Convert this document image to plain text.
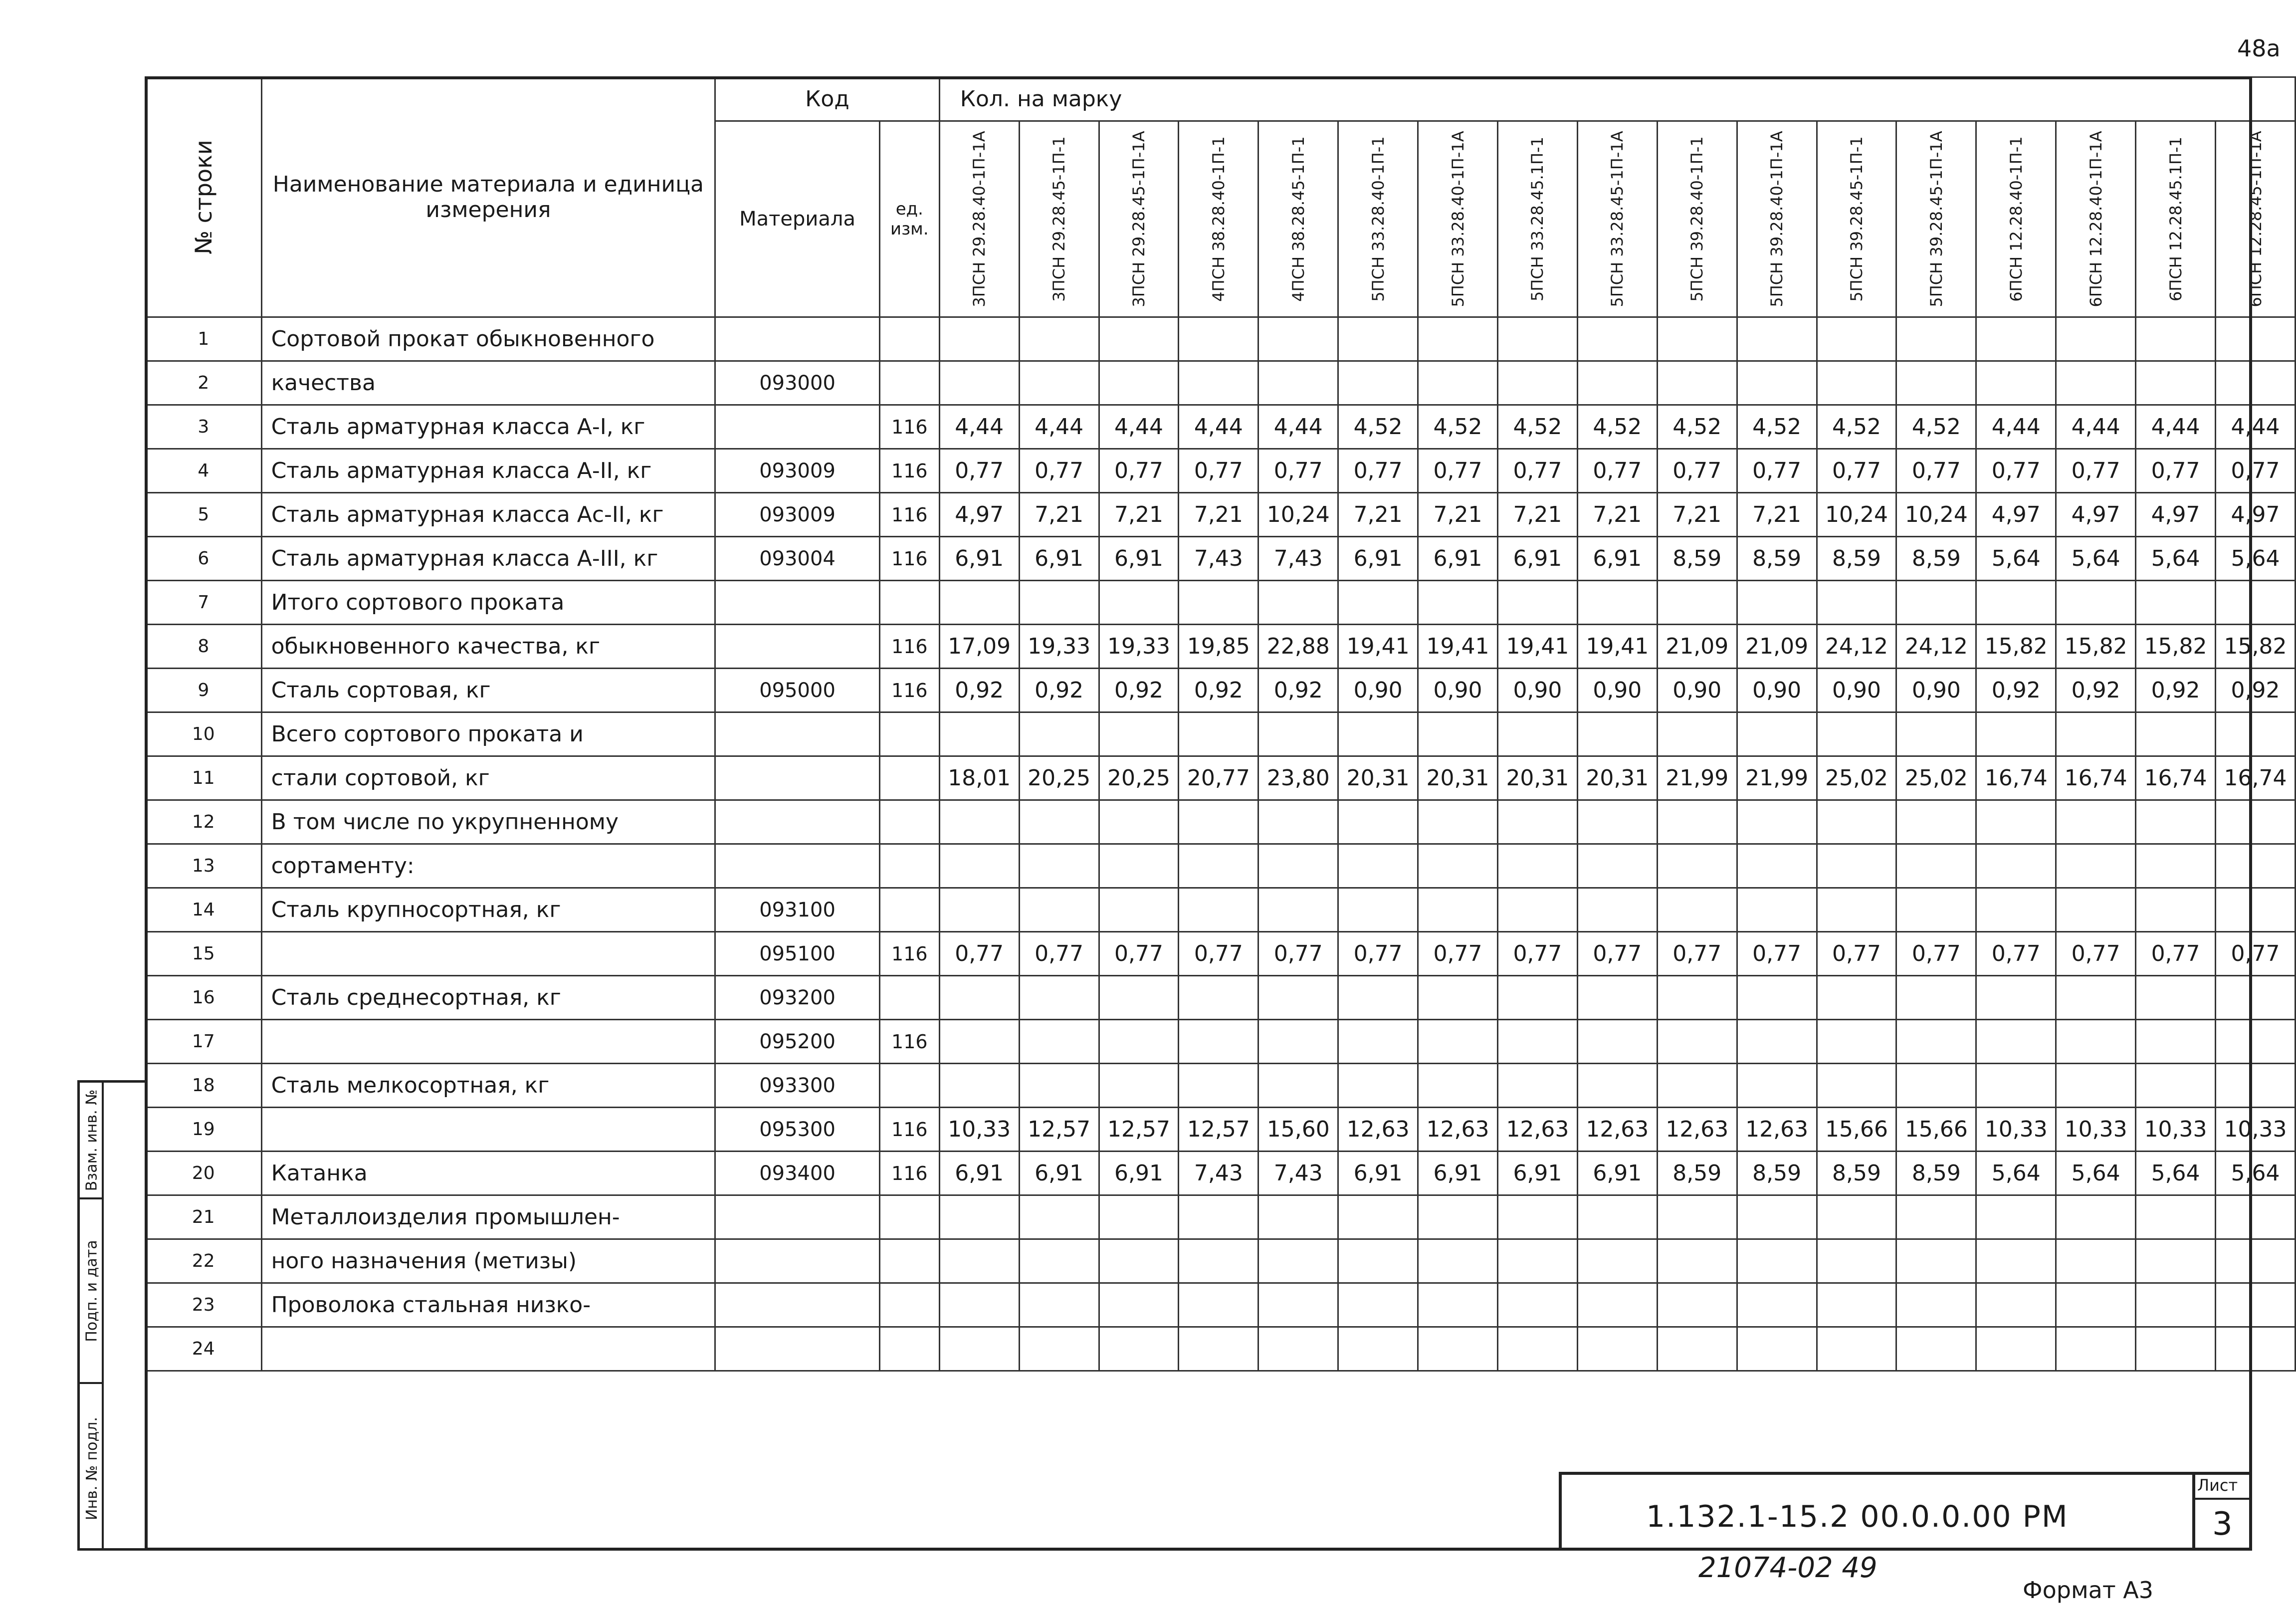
48а
Взам. инв. №
Подп. и дата
Инв. № подл.
№ строки	Наименование материала и единица измерения	Код		Кол. на марку																
		Материала	ед. изм.	3ПСН 29.28.40-1П-1А	3ПСН 29.28.45-1П-1	3ПСН 29.28.45-1П-1А	4ПСН 38.28.40-1П-1	4ПСН 38.28.45-1П-1	5ПСН 33.28.40-1П-1	5ПСН 33.28.40-1П-1А	5ПСН 33.28.45.1П-1	5ПСН 33.28.45-1П-1А	5ПСН 39.28.40-1П-1	5ПСН 39.28.40-1П-1А	5ПСН 39.28.45-1П-1	5ПСН 39.28.45-1П-1А	6ПСН 12.28.40-1П-1	6ПСН 12.28.40-1П-1А	6ПСН 12.28.45.1П-1	6ПСН 12.28.45-1П-1А

1	Сортовой прокат обыкновенного																			
2	качества	093000																		
3	Сталь арматурная класса А-I, кг		116	4,44	4,44	4,44	4,44	4,44	4,52	4,52	4,52	4,52	4,52	4,52	4,52	4,52	4,44	4,44	4,44	4,44
4	Сталь арматурная класса А-II, кг	093009	116	0,77	0,77	0,77	0,77	0,77	0,77	0,77	0,77	0,77	0,77	0,77	0,77	0,77	0,77	0,77	0,77	0,77
5	Сталь арматурная класса Ас-II, кг	093009	116	4,97	7,21	7,21	7,21	10,24	7,21	7,21	7,21	7,21	7,21	7,21	10,24	10,24	4,97	4,97	4,97	4,97
6	Сталь арматурная класса А-III, кг	093004	116	6,91	6,91	6,91	7,43	7,43	6,91	6,91	6,91	6,91	8,59	8,59	8,59	8,59	5,64	5,64	5,64	5,64
7	Итого сортового проката																			
8	обыкновенного качества, кг		116	17,09	19,33	19,33	19,85	22,88	19,41	19,41	19,41	19,41	21,09	21,09	24,12	24,12	15,82	15,82	15,82	15,82
9	Сталь сортовая, кг	095000	116	0,92	0,92	0,92	0,92	0,92	0,90	0,90	0,90	0,90	0,90	0,90	0,90	0,90	0,92	0,92	0,92	0,92
10	Всего сортового проката и																			
11	стали сортовой, кг			18,01	20,25	20,25	20,77	23,80	20,31	20,31	20,31	20,31	21,99	21,99	25,02	25,02	16,74	16,74	16,74	16,74
12	В том числе по укрупненному																			
13	сортаменту:																			
14	Сталь крупносортная, кг	093100																		
15		095100	116	0,77	0,77	0,77	0,77	0,77	0,77	0,77	0,77	0,77	0,77	0,77	0,77	0,77	0,77	0,77	0,77	0,77
16	Сталь среднесортная, кг	093200																		
17		095200	116																	
18	Сталь мелкосортная, кг	093300																		
19		095300	116	10,33	12,57	12,57	12,57	15,60	12,63	12,63	12,63	12,63	12,63	12,63	15,66	15,66	10,33	10,33	10,33	10,33
20	Катанка	093400	116	6,91	6,91	6,91	7,43	7,43	6,91	6,91	6,91	6,91	8,59	8,59	8,59	8,59	5,64	5,64	5,64	5,64
21	Металлоизделия промышлен-																			
22	ного назначения (метизы)																			
23	Проволока стальная низко-																			
24																				
1.132.1-15.2 00.0.0.00 РМ
Лист
3
21074-02 49
Формат А3
